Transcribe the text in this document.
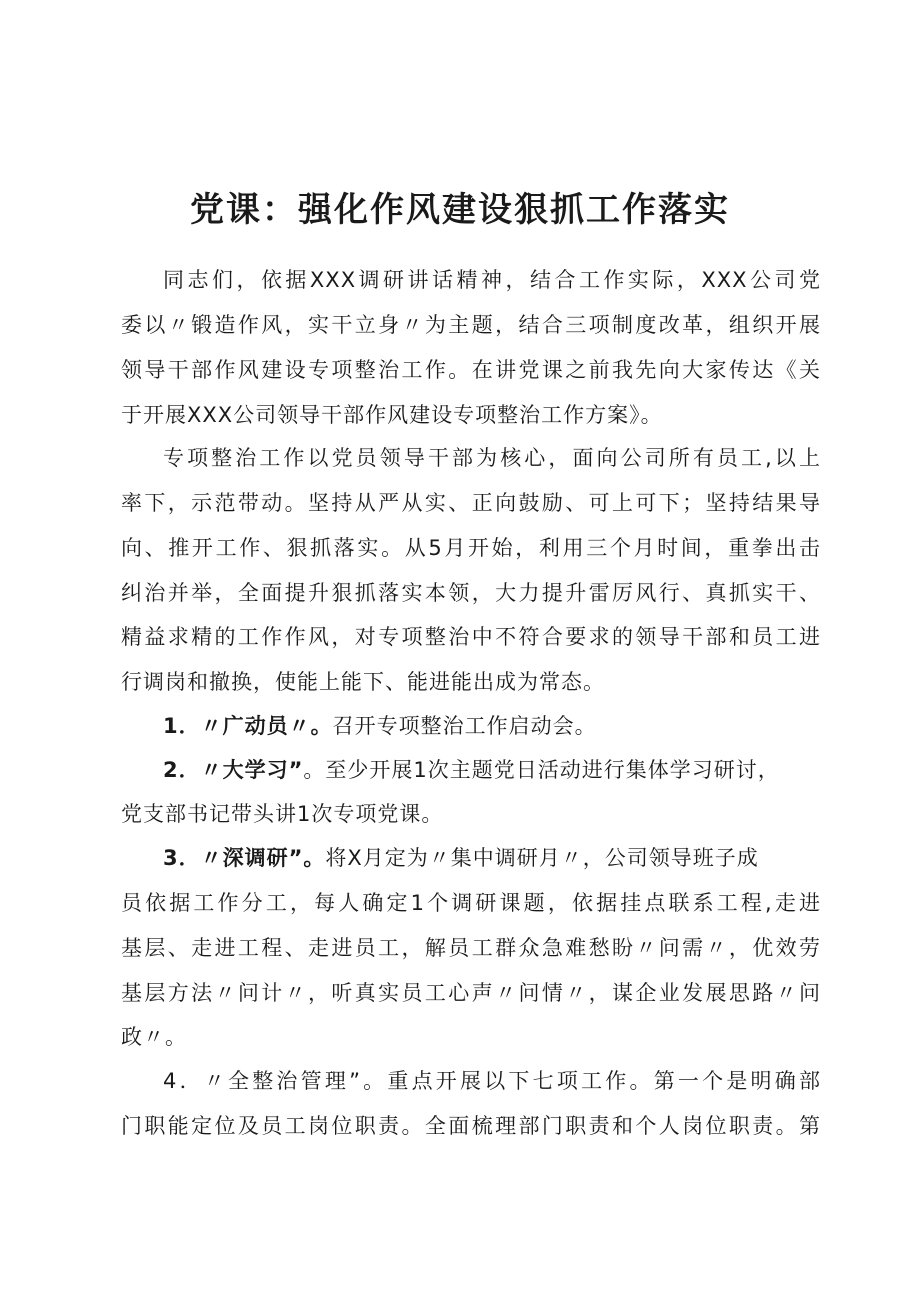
党课：强化作风建设狠抓工作落实
同志们，依据XXX调研讲话精神，结合工作实际，XXX公司党
委以〃锻造作风，实干立身〃为主题，结合三项制度改革，组织开展
领导干部作风建设专项整治工作。在讲党课之前我先向大家传达《关
于开展XXX公司领导干部作风建设专项整治工作方案》。
专项整治工作以党员领导干部为核心，面向公司所有员工,以上
率下，示范带动。坚持从严从实、正向鼓励、可上可下；坚持结果导
向、推开工作、狠抓落实。从5月开始，利用三个月时间，重拳出击
纠治并举，全面提升狠抓落实本领，大力提升雷厉风行、真抓实干、
精益求精的工作作风，对专项整治中不符合要求的领导干部和员工进
行调岗和撤换，使能上能下、能进能出成为常态。
1．〃广动员〃。召开专项整治工作启动会。
2．〃大学习”。至少开展1次主题党日活动进行集体学习研讨，
党支部书记带头讲1次专项党课。
3．〃深调研”。将X月定为〃集中调研月〃，公司领导班子成
员依据工作分工，每人确定1个调研课题，依据挂点联系工程,走进
基层、走进工程、走进员工，解员工群众急难愁盼〃问需〃，优效劳
基层方法〃问计〃，听真实员工心声〃问情〃，谋企业发展思路〃问
政〃。
4．〃全整治管理”。重点开展以下七项工作。第一个是明确部
门职能定位及员工岗位职责。全面梳理部门职责和个人岗位职责。第
